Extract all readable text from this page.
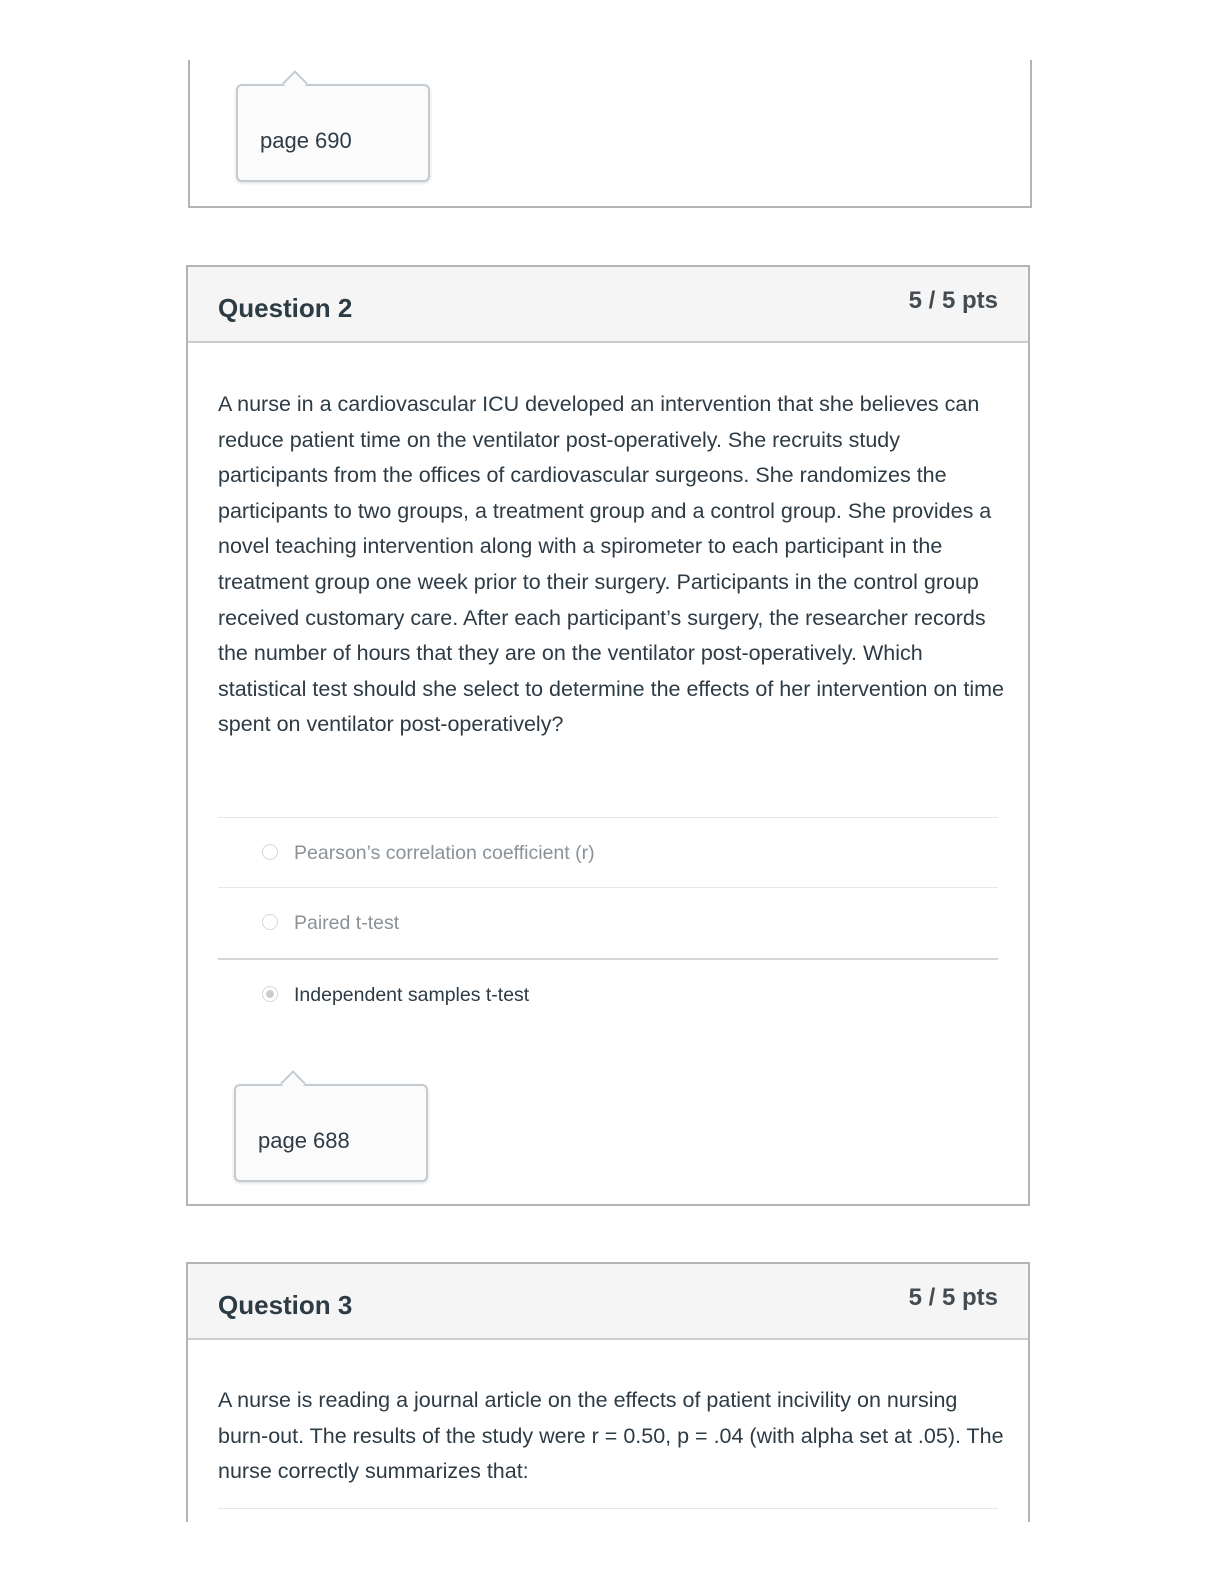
page 690
Question 2	5 / 5 pts
A nurse in a cardiovascular ICU developed an intervention that she believes can reduce patient time on the ventilator post-operatively. She recruits study participants from the offices of cardiovascular surgeons. She randomizes the participants to two groups, a treatment group and a control group. She provides a novel teaching intervention along with a spirometer to each participant in the treatment group one week prior to their surgery. Participants in the control group received customary care. After each participant’s surgery, the researcher records the number of hours that they are on the ventilator post-operatively. Which statistical test should she select to determine the effects of her intervention on time spent on ventilator post-operatively?
Pearson’s correlation coefficient (r)
Paired t-test
Independent samples t-test
page 688
Question 3	5 / 5 pts
A nurse is reading a journal article on the effects of patient incivility on nursing burn-out. The results of the study were r = 0.50, p = .04 (with alpha set at .05). The nurse correctly summarizes that:
